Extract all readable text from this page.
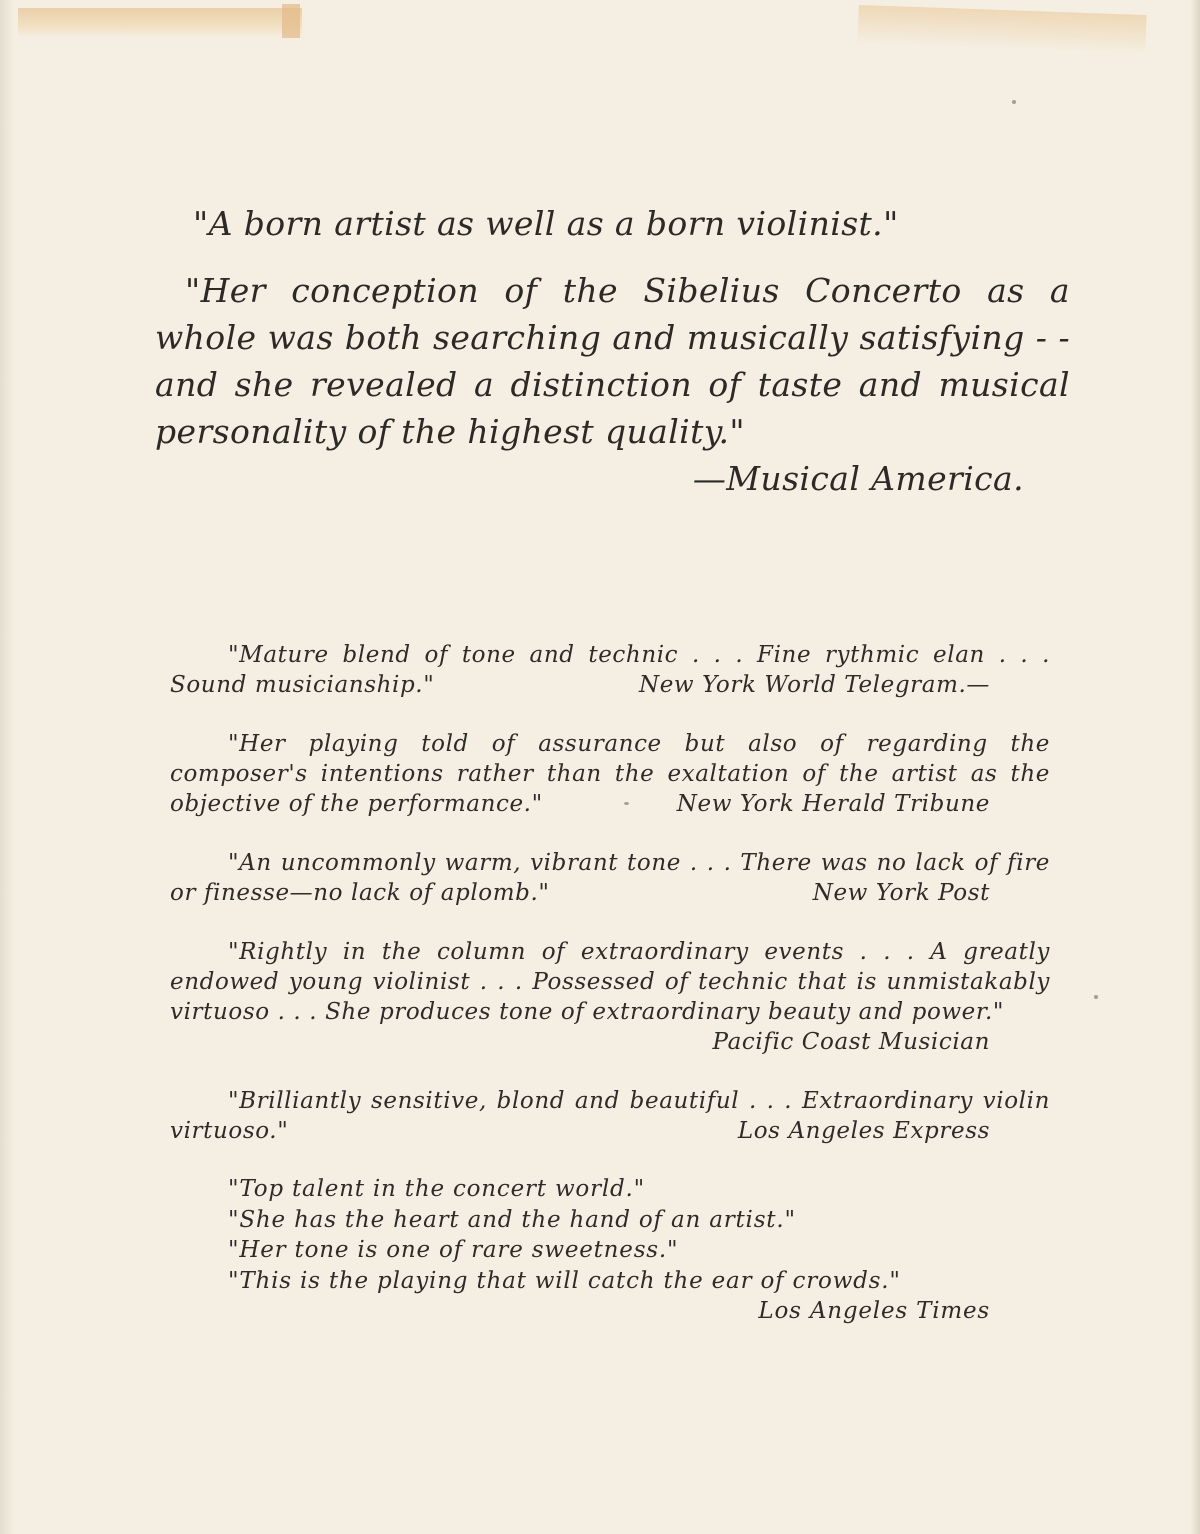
"A born artist as well as a born violinist."

"Her conception of the Sibelius Concerto as a whole was both searching and musically satisfying - - and she revealed a distinction of taste and musical personality of the highest quality."
—Musical America.

"Mature blend of tone and technic . . . Fine rythmic elan . . . Sound musicianship."	New York World Telegram.—

"Her playing told of assurance but also of regarding the composer's intentions rather than the exaltation of the artist as the objective of the performance."	New York Herald Tribune

"An uncommonly warm, vibrant tone . . . There was no lack of fire or finesse—no lack of aplomb."	New York Post

"Rightly in the column of extraordinary events . . . A greatly endowed young violinist . . . Possessed of technic that is unmistakably virtuoso . . . She produces tone of extraordinary beauty and power."
Pacific Coast Musician

"Brilliantly sensitive, blond and beautiful . . . Extraordinary violin virtuoso."	Los Angeles Express

"Top talent in the concert world."
"She has the heart and the hand of an artist."
"Her tone is one of rare sweetness."
"This is the playing that will catch the ear of crowds."
Los Angeles Times
